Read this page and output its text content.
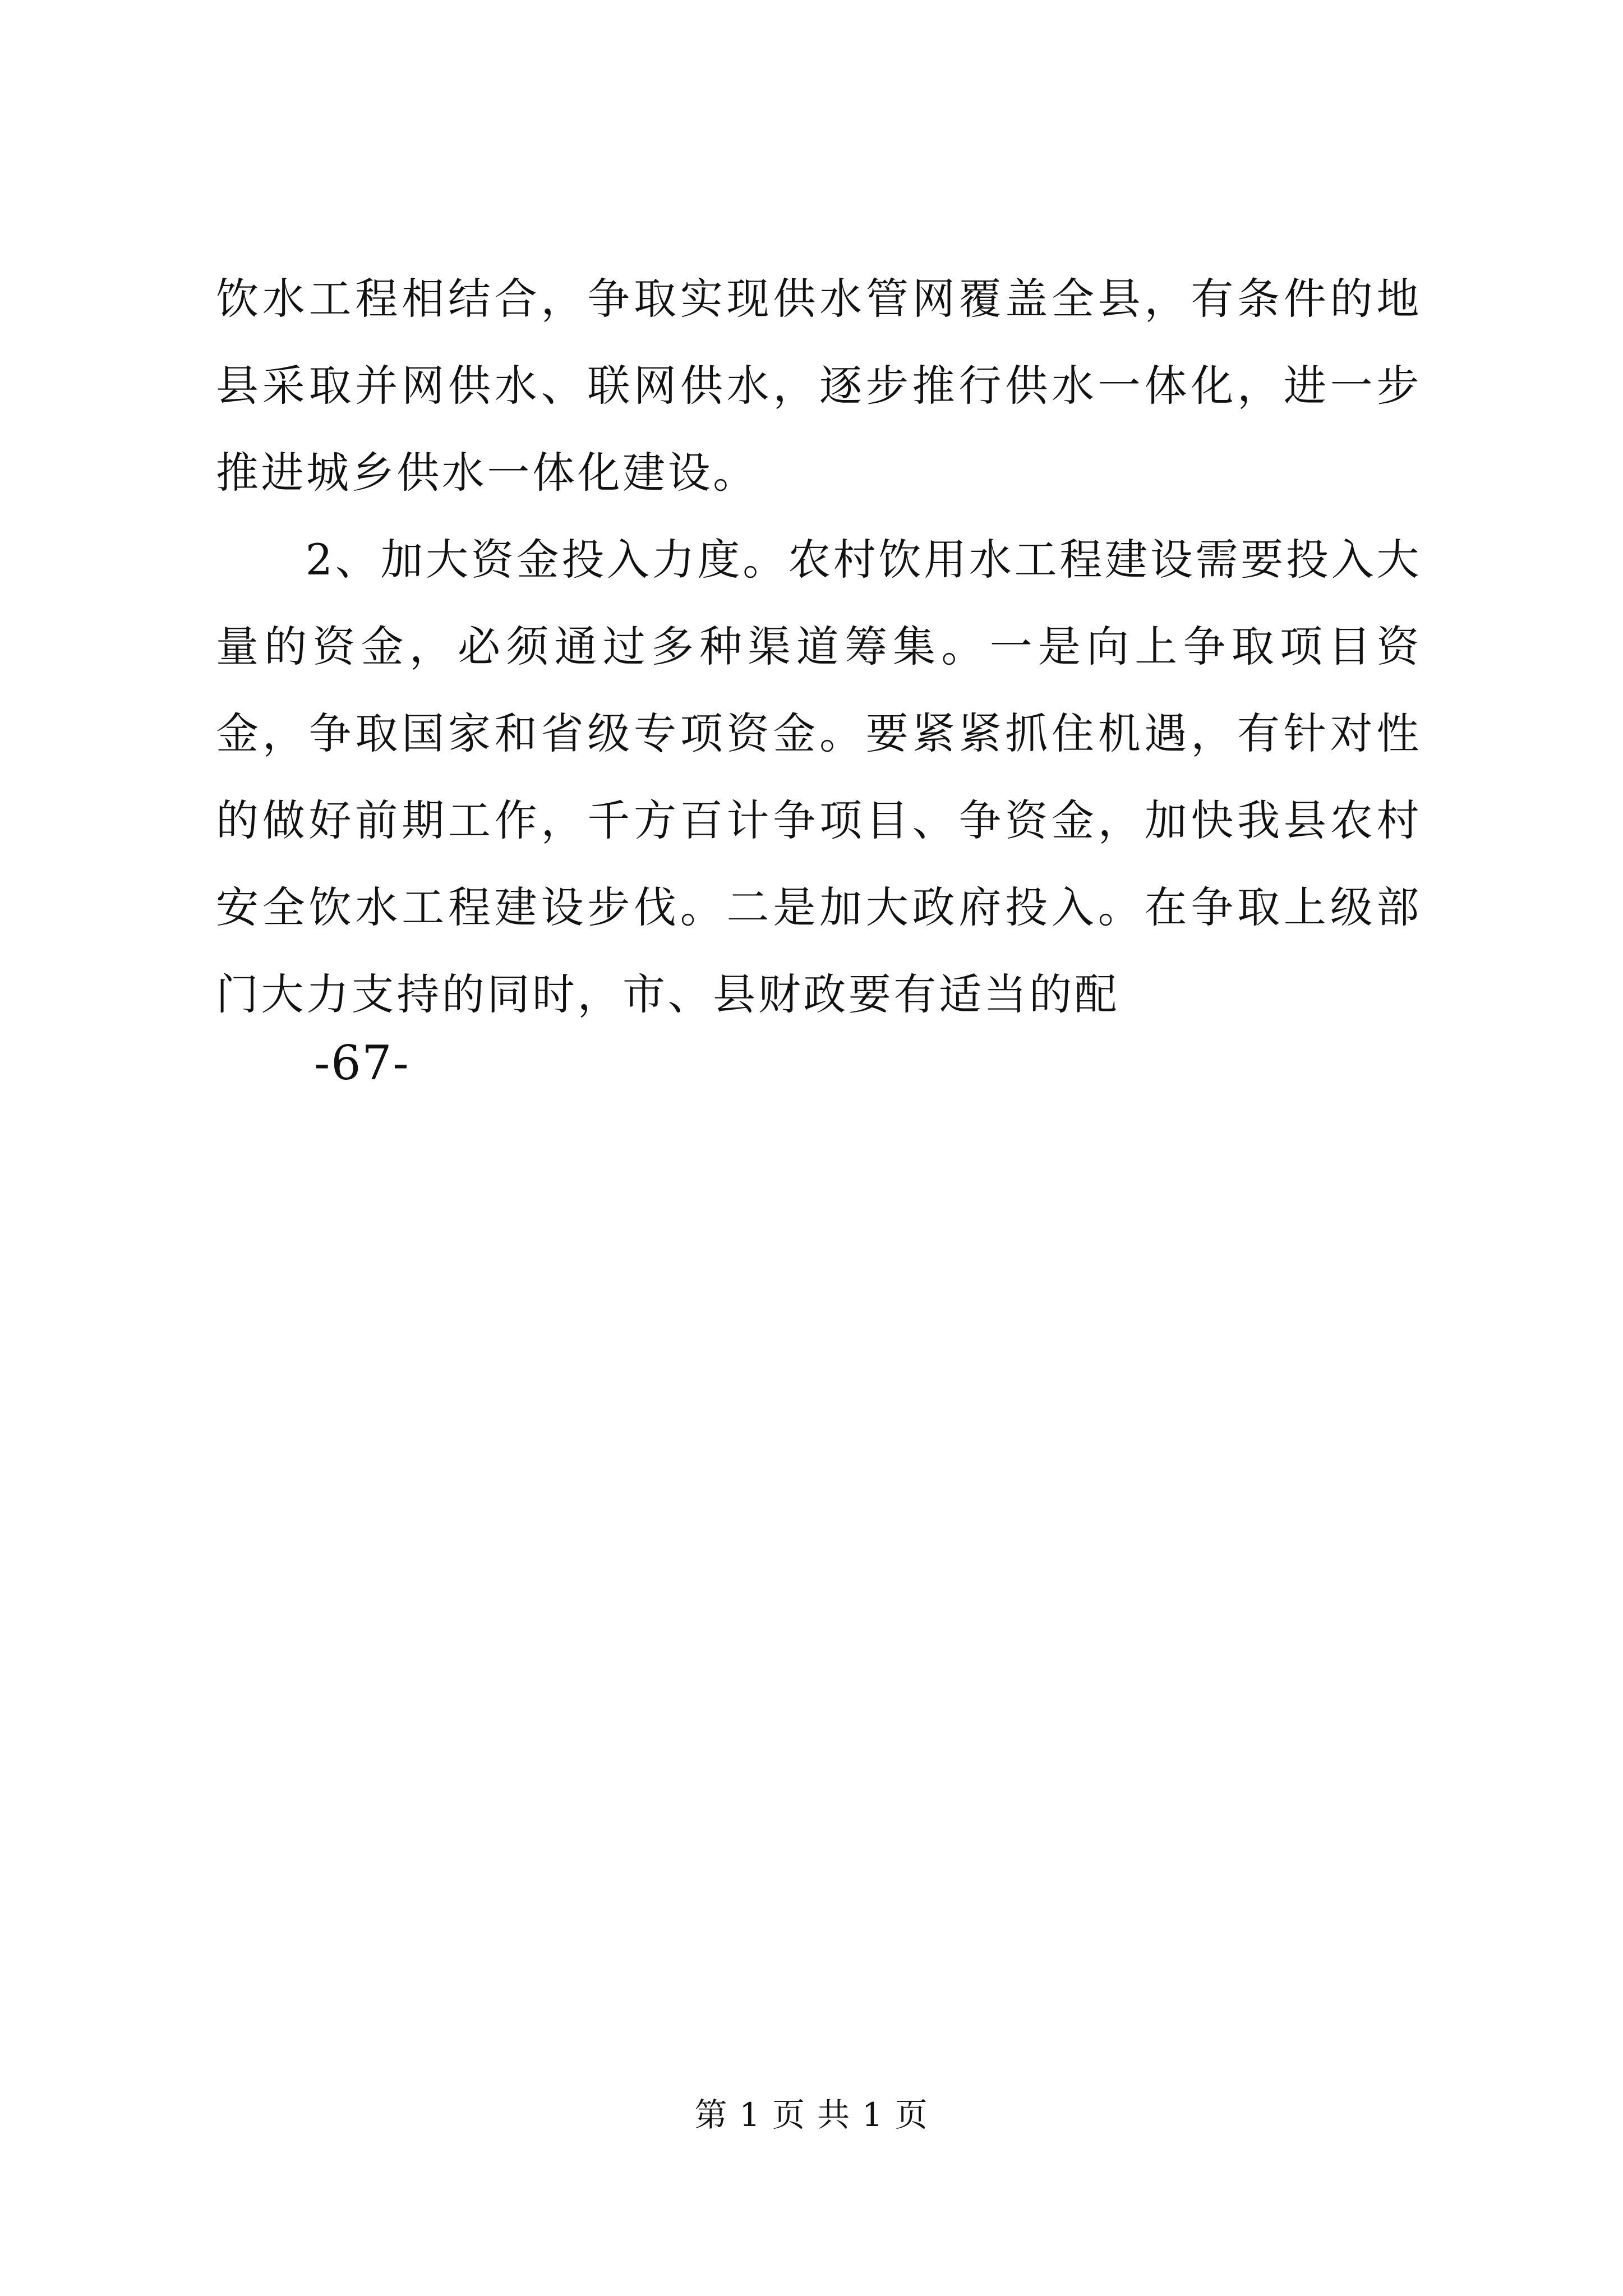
饮水工程相结合，争取实现供水管网覆盖全县，有条件的地县采取并网供水、联网供水，逐步推行供水一体化，进一步推进城乡供水一体化建设。

2、加大资金投入力度。农村饮用水工程建设需要投入大量的资金，必须通过多种渠道筹集。一是向上争取项目资金，争取国家和省级专项资金。要紧紧抓住机遇，有针对性的做好前期工作，千方百计争项目、争资金，加快我县农村安全饮水工程建设步伐。二是加大政府投入。在争取上级部门大力支持的同时，市、县财政要有适当的配

-67-
第 1 页 共 1 页
